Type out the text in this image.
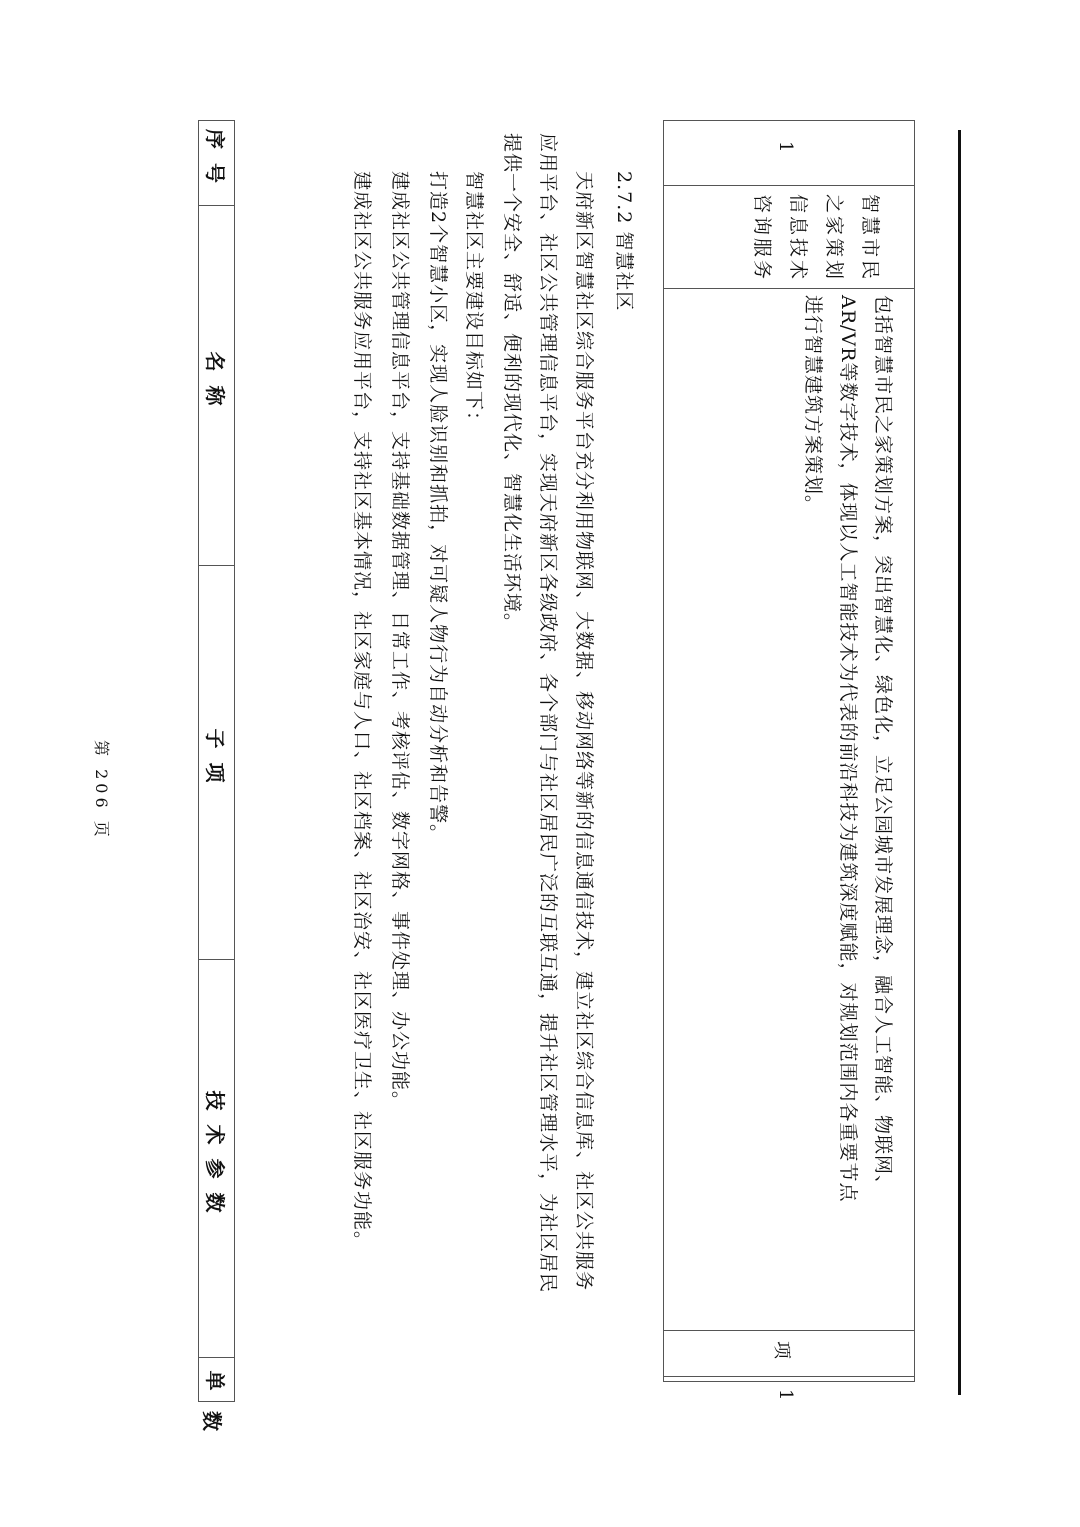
1
智慧市民之家策划信息技术咨询服务
包括智慧市民之家策划方案，突出智慧化、绿色化，立足公园城市发展理念，融合人工智能、物联网、
AR/VR等数字技术，体现以人工智能技术为代表的前沿科技为建筑深度赋能，对规划范围内各重要节点
进行智慧建筑方案策划。
项
1
2.7.2 智慧社区
天府新区智慧社区综合服务平台充分利用物联网、大数据、移动网络等新的信息通信技术，建立社区综合信息库、社区公共服务
应用平台、社区公共管理信息平台，实现天府新区各级政府、各个部门与社区居民广泛的互联互通，提升社区管理水平，为社区居民
提供一个安全、舒适、便利的现代化、智慧化生活环境。
智慧社区主要建设目标如下：
打造2个智慧小区，实现人脸识别和抓拍，对可疑人物行为自动分析和告警。
建成社区公共管理信息平台，支持基础数据管理、日常工作、考核评估、数字网格、事件处理、办公功能。
建成社区公共服务应用平台，支持社区基本情况，社区家庭与人口、社区档案、社区治安、社区医疗卫生、社区服务功能。
序号
名称
子项
技术参数
单
数
第 206 页
